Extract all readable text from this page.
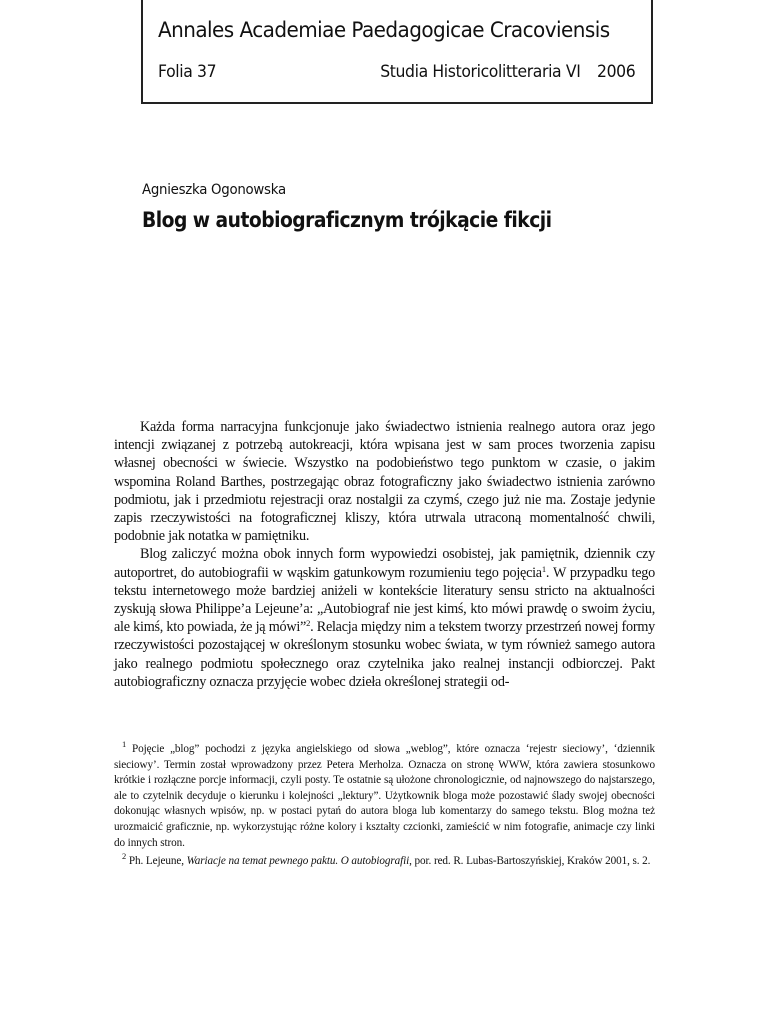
Annales Academiae Paedagogicae Cracoviensis
Folia 37	Studia Historicolitteraria VI 2006
Agnieszka Ogonowska
Blog w autobiograficznym trójkącie fikcji

Każda forma narracyjna funkcjonuje jako świadectwo istnienia realnego autora oraz jego intencji związanej z potrzebą autokreacji, która wpisana jest w sam proces tworzenia zapisu własnej obecności w świecie. Wszystko na podobieństwo tego punktom w czasie, o jakim wspomina Roland Barthes, postrzegając obraz fotograficzny jako świadectwo istnienia zarówno podmiotu, jak i przedmiotu rejestracji oraz nostalgii za czymś, czego już nie ma. Zostaje jedynie zapis rzeczywistości na fotograficznej kliszy, która utrwala utraconą momentalność chwili, podobnie jak notatka w pamiętniku.

Blog zaliczyć można obok innych form wypowiedzi osobistej, jak pamiętnik, dziennik czy autoportret, do autobiografii w wąskim gatunkowym rozumieniu tego pojęcia$^1$. W przypadku tego tekstu internetowego może bardziej aniżeli w kontekście literatury sensu stricto na aktualności zyskują słowa Philippe’a Lejeune’a: „Autobiograf nie jest kimś, kto mówi prawdę o swoim życiu, ale kimś, kto powiada, że ją mówi”$^2$. Relacja między nim a tekstem tworzy przestrzeń nowej formy rzeczywistości pozostającej w określonym stosunku wobec świata, w tym również samego autora jako realnego podmiotu społecznego oraz czytelnika jako realnej instancji odbiorczej. Pakt autobiograficzny oznacza przyjęcie wobec dzieła określonej strategii od-

$^1$ Pojęcie „blog” pochodzi z języka angielskiego od słowa „weblog”, które oznacza ‘rejestr sieciowy’, ‘dziennik sieciowy’. Termin został wprowadzony przez Petera Merholza. Oznacza on stronę WWW, która zawiera stosunkowo krótkie i rozłączne porcje informacji, czyli posty. Te ostatnie są ułożone chronologicznie, od najnowszego do najstarszego, ale to czytelnik decyduje o kierunku i kolejności „lektury”. Użytkownik bloga może pozostawić ślady swojej obecności dokonując własnych wpisów, np. w postaci pytań do autora bloga lub komentarzy do samego tekstu. Blog można też urozmaicić graficznie, np. wykorzystując różne kolory i kształty czcionki, zamieścić w nim fotografie, animacje czy linki do innych stron.

$^2$ Ph. Lejeune, Wariacje na temat pewnego paktu. O autobiografii, por. red. R. Lubas-Bartoszyńskiej, Kraków 2001, s. 2.
